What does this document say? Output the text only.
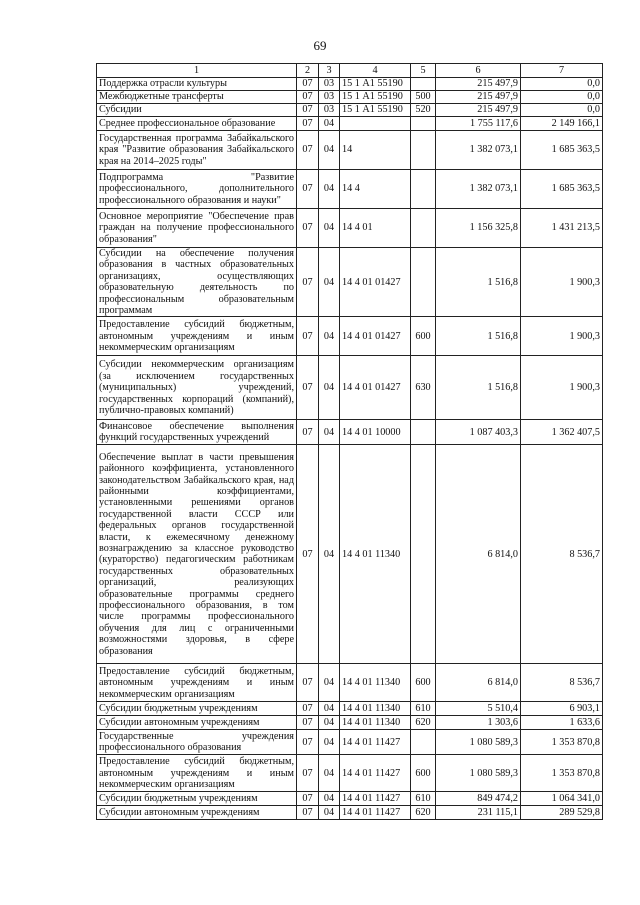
69
1	2	3	4	5	6	7
Поддержка отрасли культуры	07	03	15 1 А1 55190		215 497,9	0,0
Межбюджетные трансферты	07	03	15 1 А1 55190	500	215 497,9	0,0
Субсидии	07	03	15 1 А1 55190	520	215 497,9	0,0
Среднее профессиональное образование	07	04			1 755 117,6	2 149 166,1
Государственная программа Забайкальского края "Развитие образования Забайкальского края на 2014–2025 годы"	07	04	14		1 382 073,1	1 685 363,5
Подпрограмма "Развитие профессионального, дополнительного профессионального образования и науки"	07	04	14 4		1 382 073,1	1 685 363,5
Основное мероприятие "Обеспечение прав граждан на получение профессионального образования"	07	04	14 4 01		1 156 325,8	1 431 213,5
Субсидии на обеспечение получения образования в частных образовательных организациях, осуществляющих образовательную деятельность по профессиональным образовательным программам	07	04	14 4 01 01427		1 516,8	1 900,3
Предоставление субсидий бюджетным, автономным учреждениям и иным некоммерческим организациям	07	04	14 4 01 01427	600	1 516,8	1 900,3
Субсидии некоммерческим организациям (за исключением государственных (муниципальных) учреждений, государственных корпораций (компаний), публично-правовых компаний)	07	04	14 4 01 01427	630	1 516,8	1 900,3
Финансовое обеспечение выполнения функций государственных учреждений	07	04	14 4 01 10000		1 087 403,3	1 362 407,5
Обеспечение выплат в части превышения районного коэффициента, установленного законодательством Забайкальского края, над районными коэффициентами, установленными решениями органов государственной власти СССР или федеральных органов государственной власти, к ежемесячному денежному вознаграждению за классное руководство (кураторство) педагогическим работникам государственных образовательных организаций, реализующих образовательные программы среднего профессионального образования, в том числе программы профессионального обучения для лиц с ограниченными возможностями здоровья, в сфере образования	07	04	14 4 01 11340		6 814,0	8 536,7
Предоставление субсидий бюджетным, автономным учреждениям и иным некоммерческим организациям	07	04	14 4 01 11340	600	6 814,0	8 536,7
Субсидии бюджетным учреждениям	07	04	14 4 01 11340	610	5 510,4	6 903,1
Субсидии автономным учреждениям	07	04	14 4 01 11340	620	1 303,6	1 633,6
Государственные учреждения профессионального образования	07	04	14 4 01 11427		1 080 589,3	1 353 870,8
Предоставление субсидий бюджетным, автономным учреждениям и иным некоммерческим организациям	07	04	14 4 01 11427	600	1 080 589,3	1 353 870,8
Субсидии бюджетным учреждениям	07	04	14 4 01 11427	610	849 474,2	1 064 341,0
Субсидии автономным учреждениям	07	04	14 4 01 11427	620	231 115,1	289 529,8
